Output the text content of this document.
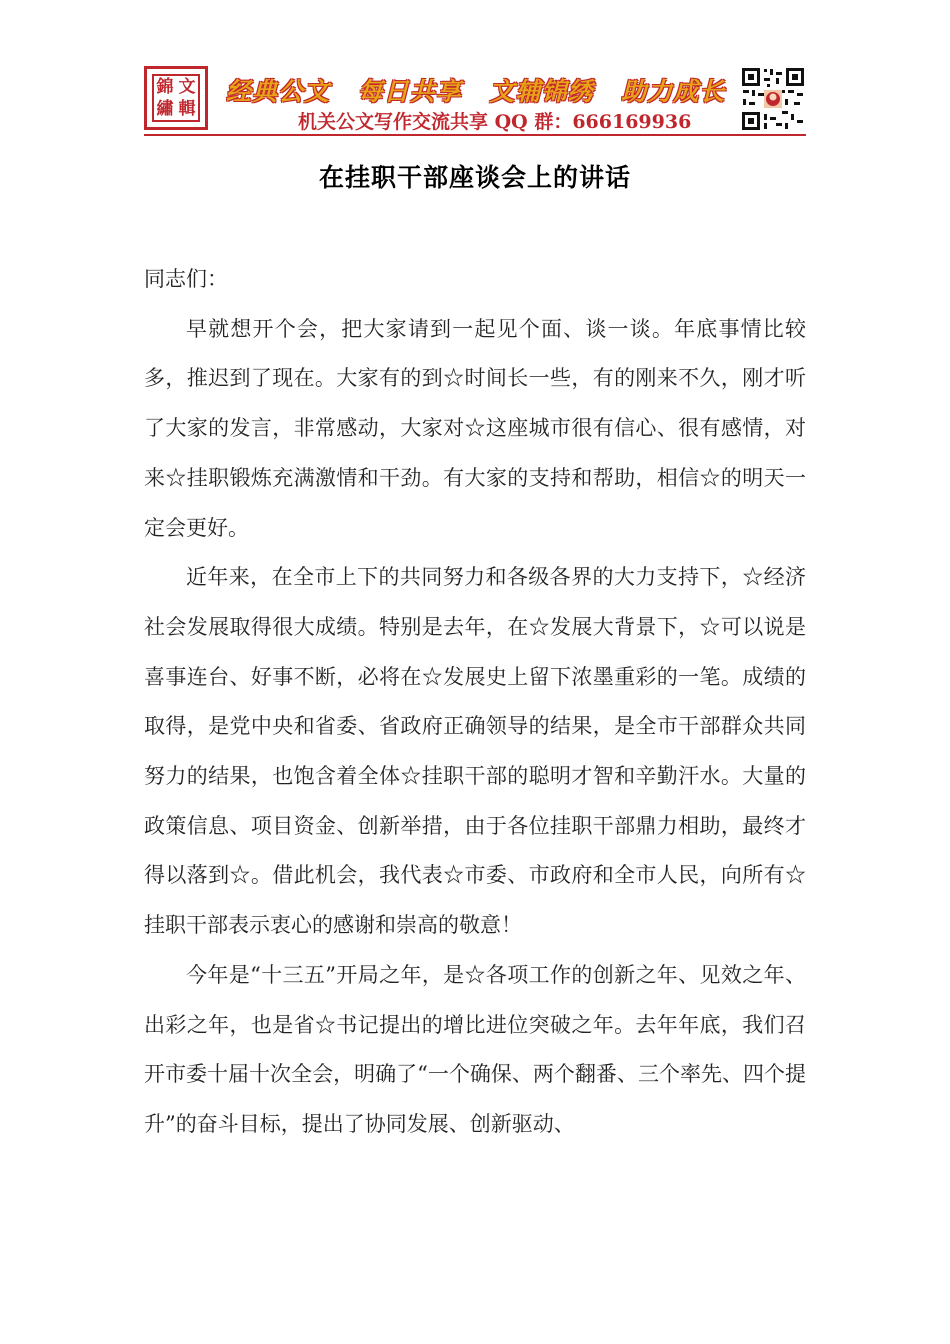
錦 文
繡 輯
经典公文 每日共享 文辅锦绣 助力成长
机关公文写作交流共享 QQ 群：666169936
在挂职干部座谈会上的讲话

同志们：

早就想开个会，把大家请到一起见个面、谈一谈。年底事情比较多，推迟到了现在。大家有的到☆时间长一些，有的刚来不久，刚才听了大家的发言，非常感动，大家对☆这座城市很有信心、很有感情，对来☆挂职锻炼充满激情和干劲。有大家的支持和帮助，相信☆的明天一定会更好。

近年来，在全市上下的共同努力和各级各界的大力支持下，☆经济社会发展取得很大成绩。特别是去年，在☆发展大背景下，☆可以说是喜事连台、好事不断，必将在☆发展史上留下浓墨重彩的一笔。成绩的取得，是党中央和省委、省政府正确领导的结果，是全市干部群众共同努力的结果，也饱含着全体☆挂职干部的聪明才智和辛勤汗水。大量的政策信息、项目资金、创新举措，由于各位挂职干部鼎力相助，最终才得以落到☆。借此机会，我代表☆市委、市政府和全市人民，向所有☆挂职干部表示衷心的感谢和崇高的敬意！

今年是“十三五”开局之年，是☆各项工作的创新之年、见效之年、出彩之年，也是省☆书记提出的增比进位突破之年。去年年底，我们召开市委十届十次全会，明确了“一个确保、两个翻番、三个率先、四个提升”的奋斗目标，提出了协同发展、创新驱动、
